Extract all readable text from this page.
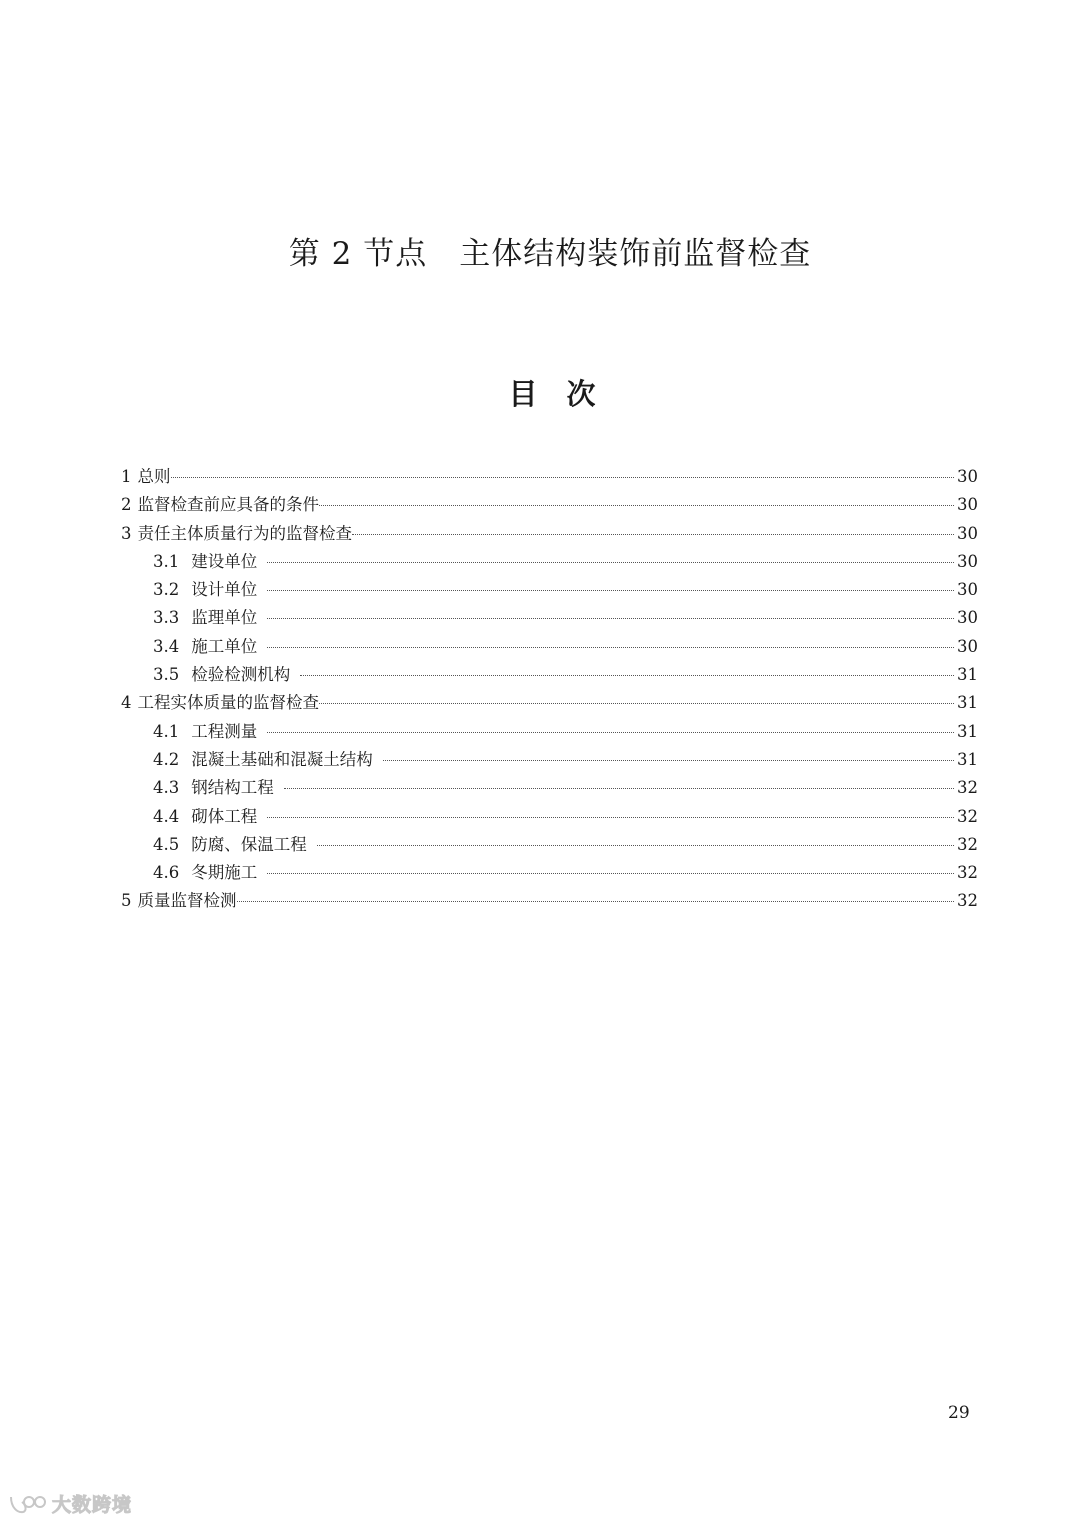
第 2 节点　主体结构装饰前监督检查
目　次
1 总则	30
2 监督检查前应具备的条件	30
3 责任主体质量行为的监督检查	30
3.1 建设单位	30
3.2 设计单位	30
3.3 监理单位	30
3.4 施工单位	30
3.5 检验检测机构	31
4 工程实体质量的监督检查	31
4.1 工程测量	31
4.2 混凝土基础和混凝土结构	31
4.3 钢结构工程	32
4.4 砌体工程	32
4.5 防腐、保温工程	32
4.6 冬期施工	32
5 质量监督检测	32
29
大数跨境
